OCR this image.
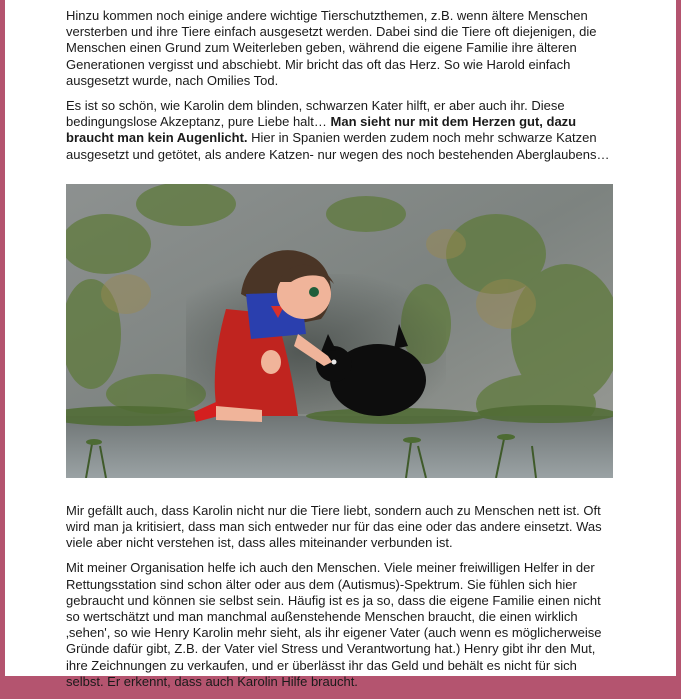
Hinzu kommen noch einige andere wichtige Tierschutzthemen, z.B. wenn ältere Menschen versterben und ihre Tiere einfach ausgesetzt werden. Dabei sind die Tiere oft diejenigen, die Menschen einen Grund zum Weiterleben geben, während die eigene Familie ihre älteren Generationen vergisst und abschiebt. Mir bricht das oft das Herz. So wie Harold einfach ausgesetzt wurde, nach Omilies Tod.

Es ist so schön, wie Karolin dem blinden, schwarzen Kater hilft, er aber auch ihr. Diese bedingungslose Akzeptanz, pure Liebe halt… Man sieht nur mit dem Herzen gut, dazu braucht man kein Augenlicht. Hier in Spanien werden zudem noch mehr schwarze Katzen ausgesetzt und getötet, als andere Katzen- nur wegen des noch bestehenden Aberglaubens…

Mir gefällt auch, dass Karolin nicht nur die Tiere liebt, sondern auch zu Menschen nett ist. Oft wird man ja kritisiert, dass man sich entweder nur für das eine oder das andere einsetzt. Was viele aber nicht verstehen ist, dass alles miteinander verbunden ist.

Mit meiner Organisation helfe ich auch den Menschen. Viele meiner freiwilligen Helfer in der Rettungsstation sind schon älter oder aus dem (Autismus)-Spektrum. Sie fühlen sich hier gebraucht und können sie selbst sein. Häufig ist es ja so, dass die eigene Familie einen nicht so wertschätzt und man manchmal außenstehende Menschen braucht, die einen wirklich ‚sehen', so wie Henry Karolin mehr sieht, als ihr eigener Vater (auch wenn es möglicherweise Gründe dafür gibt, Z.B. der Vater viel Stress und Verantwortung hat.) Henry gibt ihr den Mut, ihre Zeichnungen zu verkaufen, und er überlässt ihr das Geld und behält es nicht für sich selbst. Er erkennt, dass auch Karolin Hilfe braucht.
